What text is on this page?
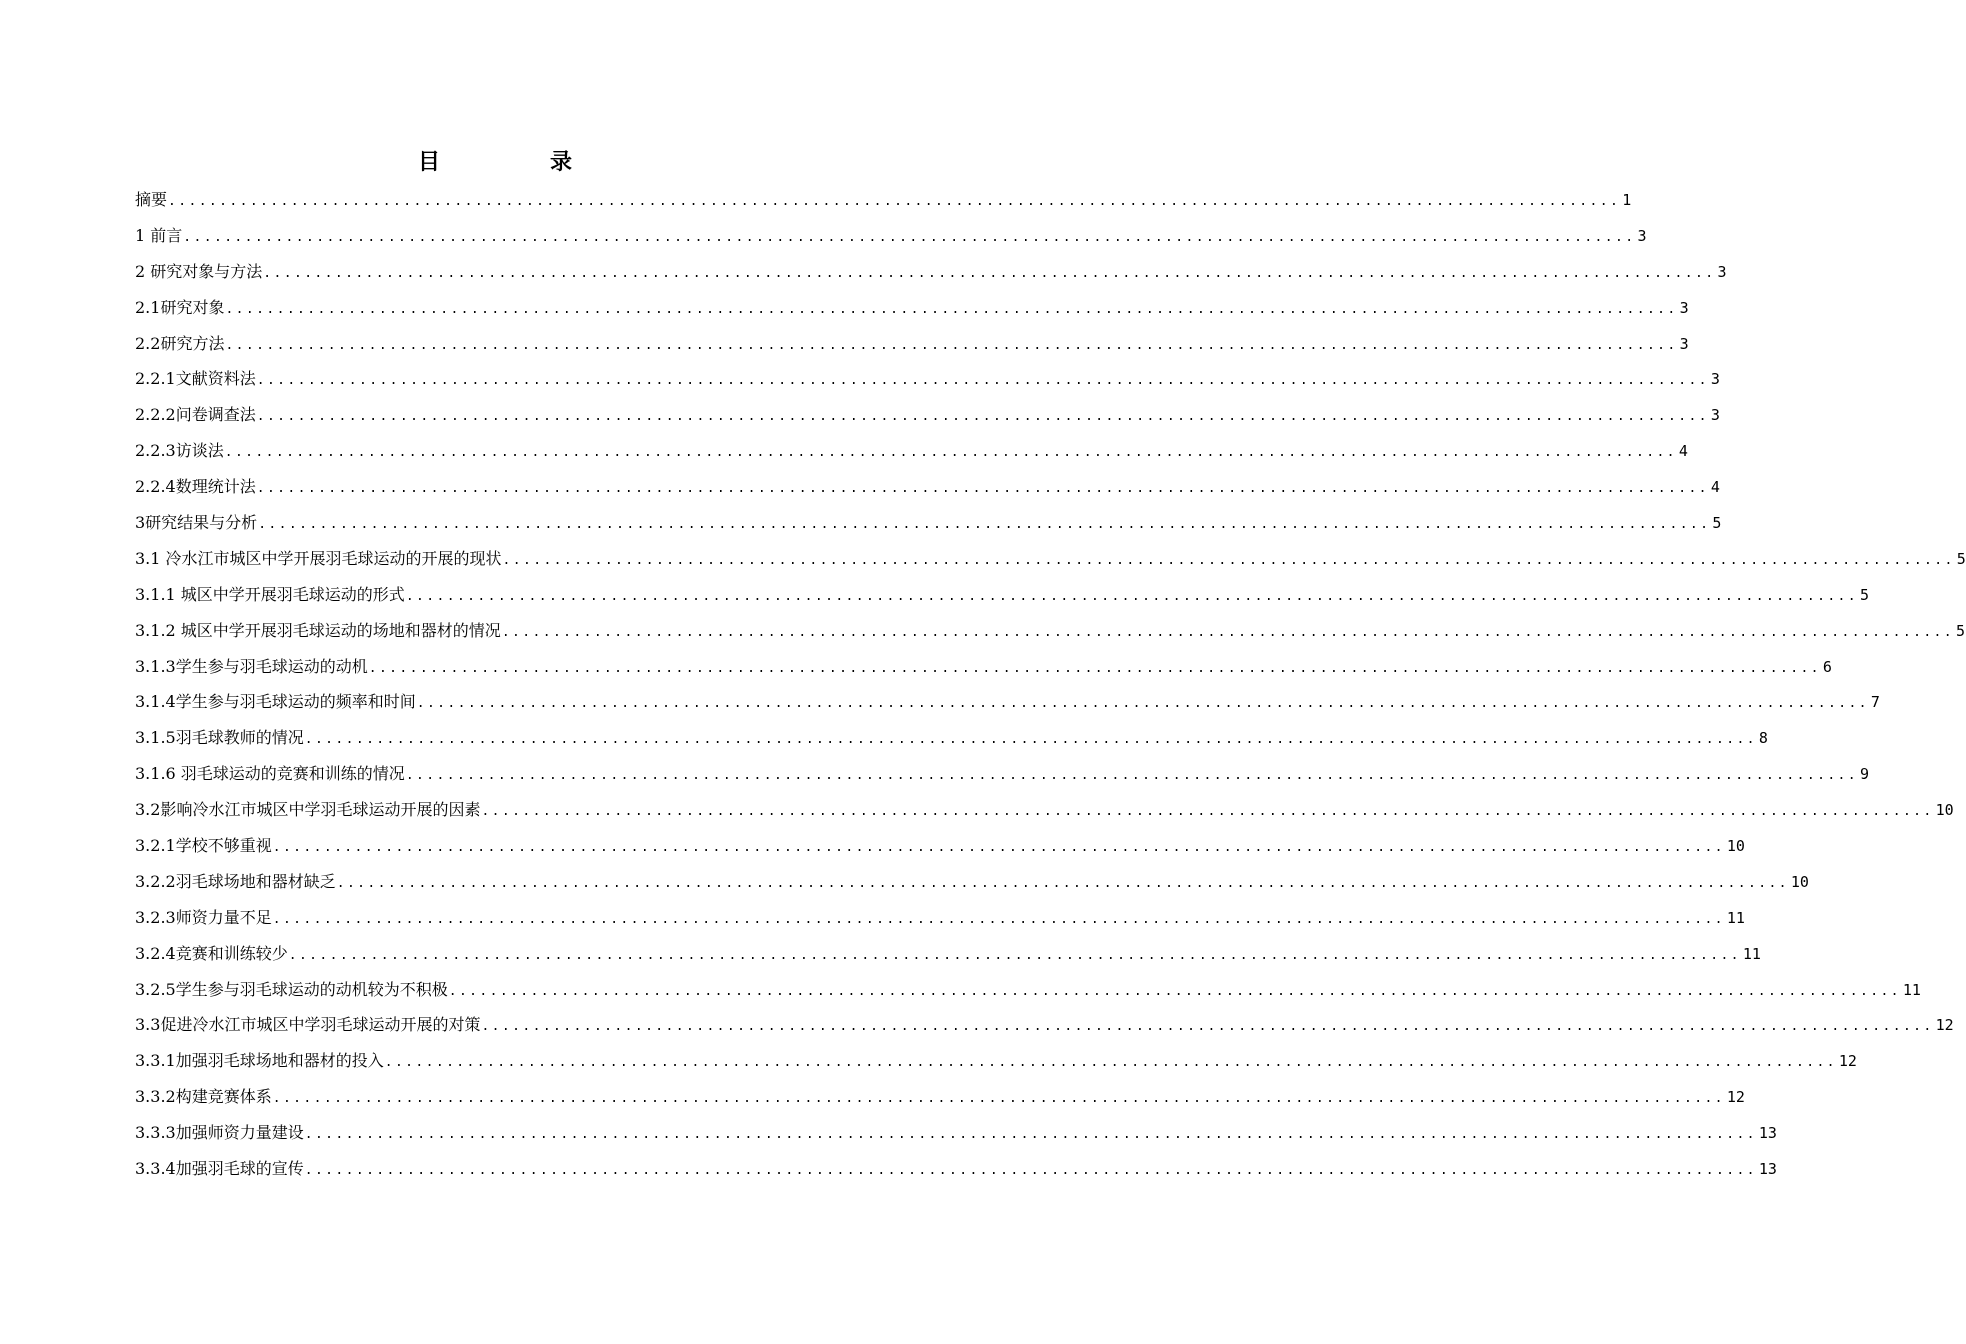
目　录
摘要 .............................................................................................................................................. 1
1 前言 .............................................................................................................................................. 3
2 研究对象与方法 .............................................................................................................................................. 3
2.1研究对象 .............................................................................................................................................. 3
2.2研究方法 .............................................................................................................................................. 3
2.2.1文献资料法 .............................................................................................................................................. 3
2.2.2问卷调查法 .............................................................................................................................................. 3
2.2.3访谈法 .............................................................................................................................................. 4
2.2.4数理统计法 .............................................................................................................................................. 4
3研究结果与分析 .............................................................................................................................................. 5
3.1 冷水江市城区中学开展羽毛球运动的开展的现状 .............................................................................................................................................. 5
3.1.1 城区中学开展羽毛球运动的形式 .............................................................................................................................................. 5
3.1.2 城区中学开展羽毛球运动的场地和器材的情况 .............................................................................................................................................. 5
3.1.3学生参与羽毛球运动的动机 .............................................................................................................................................. 6
3.1.4学生参与羽毛球运动的频率和时间 .............................................................................................................................................. 7
3.1.5羽毛球教师的情况 .............................................................................................................................................. 8
3.1.6 羽毛球运动的竞赛和训练的情况 .............................................................................................................................................. 9
3.2影响冷水江市城区中学羽毛球运动开展的因素 .............................................................................................................................................. 10
3.2.1学校不够重视 .............................................................................................................................................. 10
3.2.2羽毛球场地和器材缺乏 .............................................................................................................................................. 10
3.2.3师资力量不足 .............................................................................................................................................. 11
3.2.4竞赛和训练较少 .............................................................................................................................................. 11
3.2.5学生参与羽毛球运动的动机较为不积极 .............................................................................................................................................. 11
3.3促进冷水江市城区中学羽毛球运动开展的对策 .............................................................................................................................................. 12
3.3.1加强羽毛球场地和器材的投入 .............................................................................................................................................. 12
3.3.2构建竞赛体系 .............................................................................................................................................. 12
3.3.3加强师资力量建设 .............................................................................................................................................. 13
3.3.4加强羽毛球的宣传 .............................................................................................................................................. 13
